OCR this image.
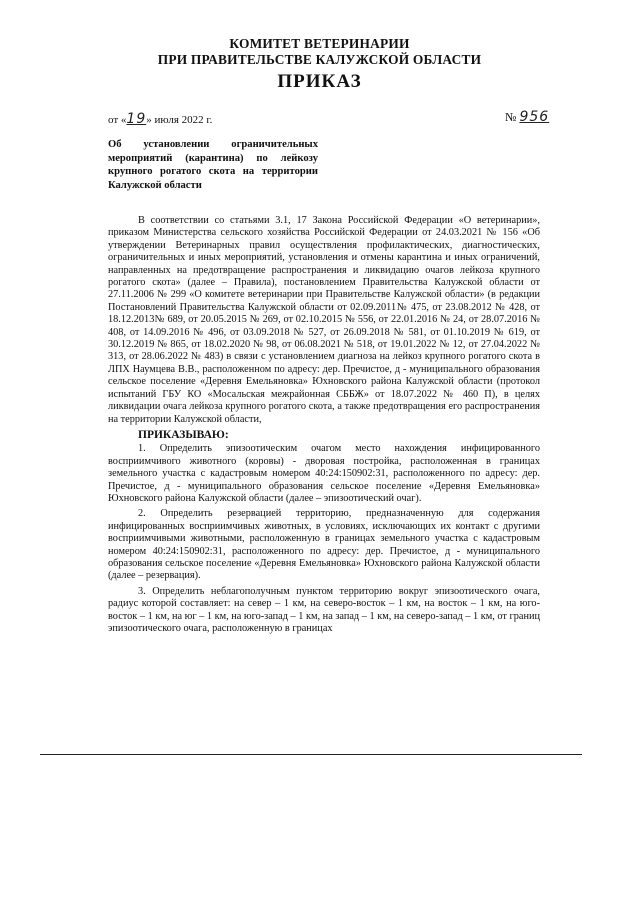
КОМИТЕТ ВЕТЕРИНАРИИ
ПРИ ПРАВИТЕЛЬСТВЕ КАЛУЖСКОЙ ОБЛАСТИ
ПРИКАЗ
от «19» июля 2022 г.	№ 956
Об установлении ограничительных мероприятий (карантина) по лейкозу крупного рогатого скота на территории Калужской области

В соответствии со статьями 3.1, 17 Закона Российской Федерации «О ветеринарии», приказом Министерства сельского хозяйства Российской Федерации от 24.03.2021 № 156 «Об утверждении Ветеринарных правил осуществления профилактических, диагностических, ограничительных и иных мероприятий, установления и отмены карантина и иных ограничений, направленных на предотвращение распространения и ликвидацию очагов лейкоза крупного рогатого скота» (далее – Правила), постановлением Правительства Калужской области от 27.11.2006 № 299 «О комитете ветеринарии при Правительстве Калужской области» (в редакции Постановлений Правительства Калужской области от 02.09.2011№ 475, от 23.08.2012 № 428, от 18.12.2013№ 689, от 20.05.2015 № 269, от 02.10.2015 № 556, от 22.01.2016 № 24, от 28.07.2016 № 408, от 14.09.2016 № 496, от 03.09.2018 № 527, от 26.09.2018 № 581, от 01.10.2019 № 619, от 30.12.2019 № 865, от 18.02.2020 № 98, от 06.08.2021 № 518, от 19.01.2022 № 12, от 27.04.2022 № 313, от 28.06.2022 № 483) в связи с установлением диагноза на лейкоз крупного рогатого скота в ЛПХ Наумцева В.В., расположенном по адресу: дер. Пречистое, д - муниципального образования сельское поселение «Деревня Емельяновка» Юхновского района Калужской области (протокол испытаний ГБУ КО «Мосальская межрайонная СББЖ» от 18.07.2022 № 460 П), в целях ликвидации очага лейкоза крупного рогатого скота, а также предотвращения его распространения на территории Калужской области,

ПРИКАЗЫВАЮ:

1. Определить эпизоотическим очагом место нахождения инфицированного восприимчивого животного (коровы) - дворовая постройка, расположенная в границах земельного участка с кадастровым номером 40:24:150902:31, расположенного по адресу: дер. Пречистое, д - муниципального образования сельское поселение «Деревня Емельяновка» Юхновского района Калужской области (далее – эпизоотический очаг).

2. Определить резервацией территорию, предназначенную для содержания инфицированных восприимчивых животных, в условиях, исключающих их контакт с другими восприимчивыми животными, расположенную в границах земельного участка с кадастровым номером 40:24:150902:31, расположенного по адресу: дер. Пречистое, д - муниципального образования сельское поселение «Деревня Емельяновка» Юхновского района Калужской области (далее – резервация).

3. Определить неблагополучным пунктом территорию вокруг эпизоотического очага, радиус которой составляет: на север – 1 км, на северо-восток – 1 км, на восток – 1 км, на юго-восток – 1 км, на юг – 1 км, на юго-запад – 1 км, на запад – 1 км, на северо-запад – 1 км, от границ эпизоотического очага, расположенную в границах
